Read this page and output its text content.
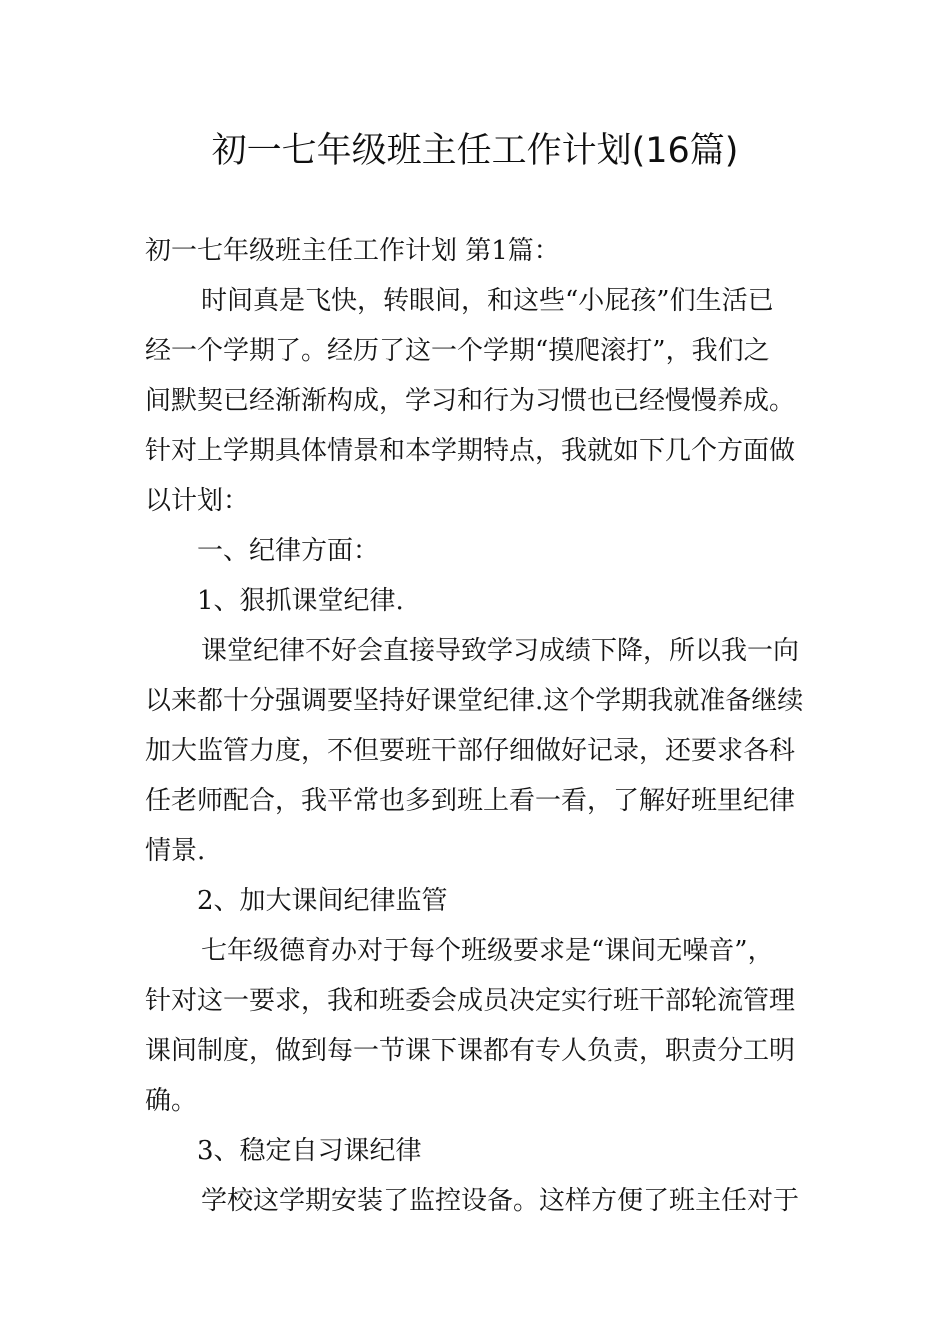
初一七年级班主任工作计划(16篇)

初一七年级班主任工作计划 第1篇：

时间真是飞快，转眼间，和这些“小屁孩”们生活已

经一个学期了。经历了这一个学期“摸爬滚打”，我们之

间默契已经渐渐构成，学习和行为习惯也已经慢慢养成。

针对上学期具体情景和本学期特点，我就如下几个方面做

以计划：

一、纪律方面：

1、狠抓课堂纪律.

课堂纪律不好会直接导致学习成绩下降，所以我一向

以来都十分强调要坚持好课堂纪律.这个学期我就准备继续

加大监管力度，不但要班干部仔细做好记录，还要求各科

任老师配合，我平常也多到班上看一看，了解好班里纪律

情景.

2、加大课间纪律监管

七年级德育办对于每个班级要求是“课间无噪音”，

针对这一要求，我和班委会成员决定实行班干部轮流管理

课间制度，做到每一节课下课都有专人负责，职责分工明

确。

3、稳定自习课纪律

学校这学期安装了监控设备。这样方便了班主任对于
